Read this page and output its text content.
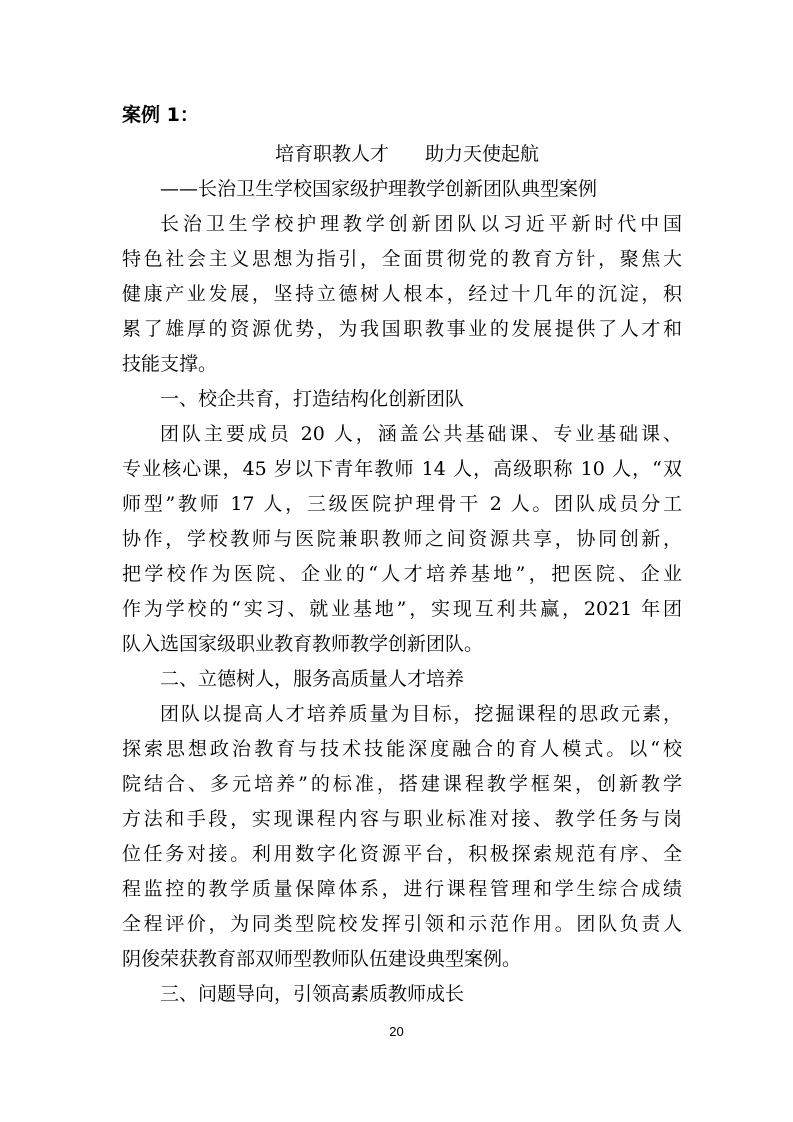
案例 1：
培育职教人才 助力天使起航
——长治卫生学校国家级护理教学创新团队典型案例
长治卫生学校护理教学创新团队以习近平新时代中国
特色社会主义思想为指引，全面贯彻党的教育方针，聚焦大
健康产业发展，坚持立德树人根本，经过十几年的沉淀，积
累了雄厚的资源优势，为我国职教事业的发展提供了人才和
技能支撑。
一、校企共育，打造结构化创新团队
团队主要成员 20 人，涵盖公共基础课、专业基础课、
专业核心课，45 岁以下青年教师 14 人，高级职称 10 人，“双
师型”教师 17 人，三级医院护理骨干 2 人。团队成员分工
协作，学校教师与医院兼职教师之间资源共享，协同创新，
把学校作为医院、企业的“人才培养基地”，把医院、企业
作为学校的“实习、就业基地”，实现互利共赢，2021 年团
队入选国家级职业教育教师教学创新团队。
二、立德树人，服务高质量人才培养
团队以提高人才培养质量为目标，挖掘课程的思政元素，
探索思想政治教育与技术技能深度融合的育人模式。以“校
院结合、多元培养”的标准，搭建课程教学框架，创新教学
方法和手段，实现课程内容与职业标准对接、教学任务与岗
位任务对接。利用数字化资源平台，积极探索规范有序、全
程监控的教学质量保障体系，进行课程管理和学生综合成绩
全程评价，为同类型院校发挥引领和示范作用。团队负责人
阴俊荣获教育部双师型教师队伍建设典型案例。
三、问题导向，引领高素质教师成长
20
